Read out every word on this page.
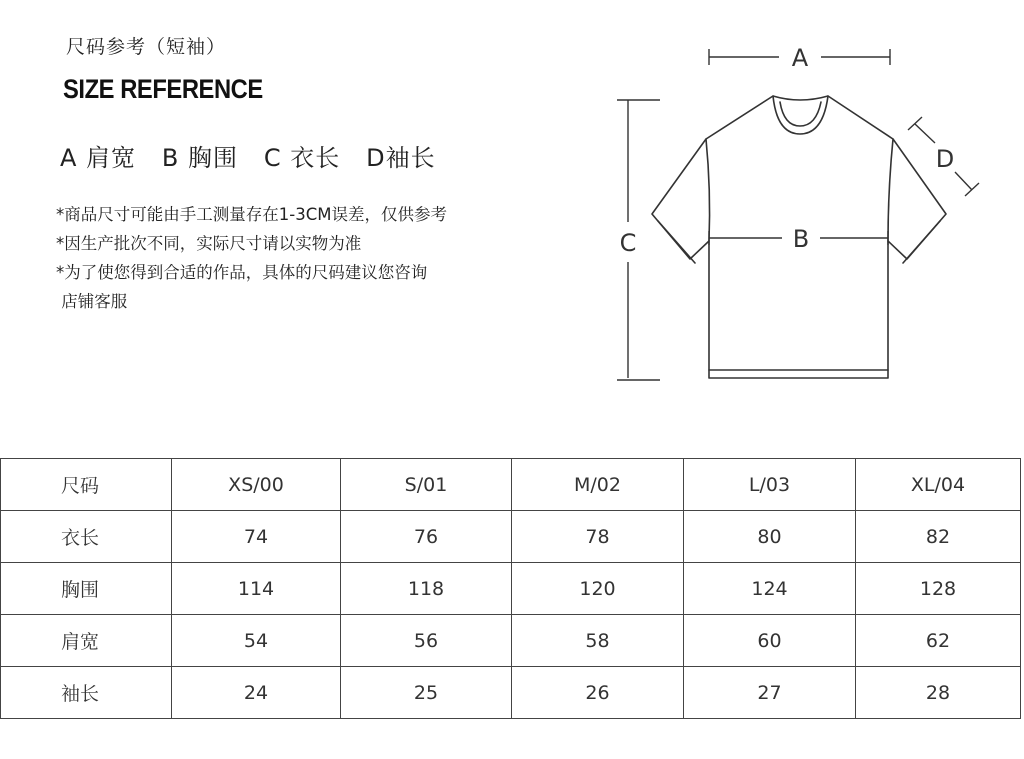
尺码参考（短袖）
SIZE REFERENCE
A 肩宽   B 胸围   C 衣长   D袖长
*商品尺寸可能由手工测量存在1-3CM误差，仅供参考
*因生产批次不同，实际尺寸请以实物为准
*为了使您得到合适的作品，具体的尺码建议您咨询
店铺客服
A
B
C
D
尺码	XS/00	S/01	M/02	L/03	XL/04
衣长	74	76	78	80	82
胸围	114	118	120	124	128
肩宽	54	56	58	60	62
袖长	24	25	26	27	28
